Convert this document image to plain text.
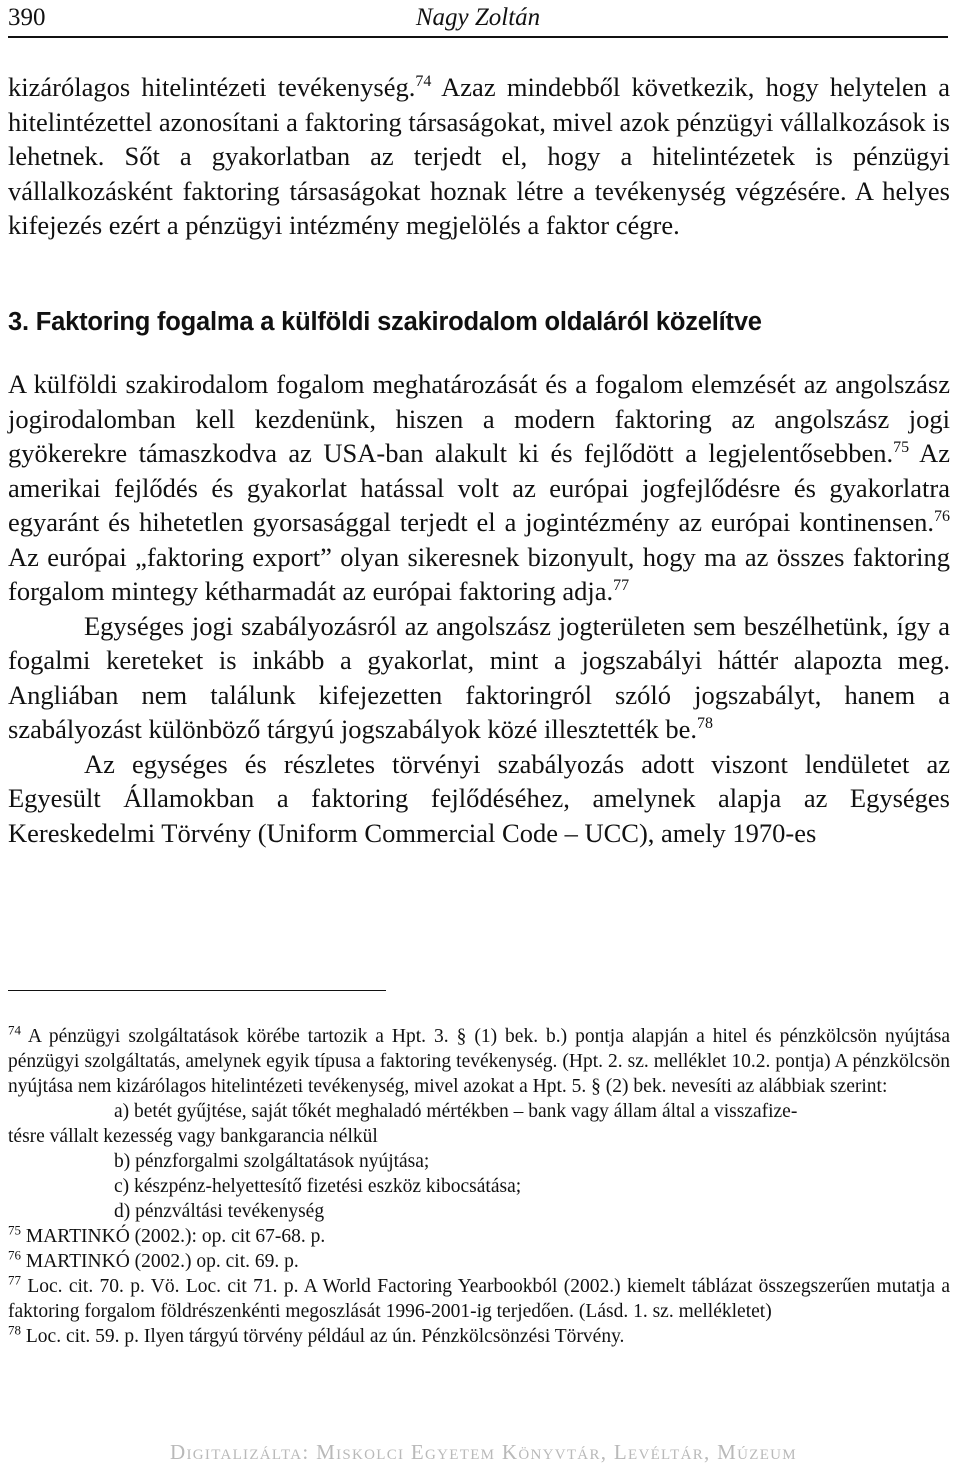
390	Nagy Zoltán

kizárólagos hitelintézeti tevékenység.$^{74}$ Azaz mindebből következik, hogy helytelen a hitelintézettel azonosítani a faktoring társaságokat, mivel azok pénzügyi vállalkozások is lehetnek. Sőt a gyakorlatban az terjedt el, hogy a hitelintézetek is pénzügyi vállalkozásként faktoring társaságokat hoznak létre a tevékenység végzésére. A helyes kifejezés ezért a pénzügyi intézmény megjelölés a faktor cégre.

3. Faktoring fogalma a külföldi szakirodalom oldaláról közelítve

A külföldi szakirodalom fogalom meghatározását és a fogalom elemzését az angolszász jogirodalomban kell kezdenünk, hiszen a modern faktoring az angolszász jogi gyökerekre támaszkodva az USA-ban alakult ki és fejlődött a legjelentősebben.$^{75}$ Az amerikai fejlődés és gyakorlat hatással volt az európai jogfejlődésre és gyakorlatra egyaránt és hihetetlen gyorsasággal terjedt el a jogintézmény az európai kontinensen.$^{76}$ Az európai „faktoring export” olyan sikeresnek bizonyult, hogy ma az összes faktoring forgalom mintegy kétharmadát az európai faktoring adja.$^{77}$

Egységes jogi szabályozásról az angolszász jogterületen sem beszélhetünk, így a fogalmi kereteket is inkább a gyakorlat, mint a jogszabályi háttér alapozta meg. Angliában nem találunk kifejezetten faktoringról szóló jogszabályt, hanem a szabályozást különböző tárgyú jogszabályok közé illesztették be.$^{78}$

Az egységes és részletes törvényi szabályozás adott viszont lendületet az Egyesült Államokban a faktoring fejlődéséhez, amelynek alapja az Egységes Kereskedelmi Törvény (Uniform Commercial Code – UCC), amely 1970-es

$^{74}$ A pénzügyi szolgáltatások körébe tartozik a Hpt. 3. § (1) bek. b.) pontja alapján a hitel és pénzkölcsön nyújtása pénzügyi szolgáltatás, amelynek egyik típusa a faktoring tevékenység. (Hpt. 2. sz. melléklet 10.2. pontja) A pénzkölcsön nyújtása nem kizárólagos hitelintézeti tevékenység, mivel azokat a Hpt. 5. § (2) bek. nevesíti az alábbiak szerint:

a) betét gyűjtése, saját tőkét meghaladó mértékben – bank vagy állam által a visszafize-

tésre vállalt kezesség vagy bankgarancia nélkül

b) pénzforgalmi szolgáltatások nyújtása;

c) készpénz-helyettesítő fizetési eszköz kibocsátása;

d) pénzváltási tevékenység

$^{75}$ MARTINKÓ (2002.): op. cit 67-68. p.

$^{76}$ MARTINKÓ (2002.) op. cit. 69. p.

$^{77}$ Loc. cit. 70. p. Vö. Loc. cit 71. p. A World Factoring Yearbookból (2002.) kiemelt táblázat összegszerűen mutatja a faktoring forgalom földrészenkénti megoszlását 1996-2001-ig terjedően. (Lásd. 1. sz. mellékletet)

$^{78}$ Loc. cit. 59. p. Ilyen tárgyú törvény például az ún. Pénzkölcsönzési Törvény.

Digitalizálta: Miskolci Egyetem Könyvtár, Levéltár, Múzeum
